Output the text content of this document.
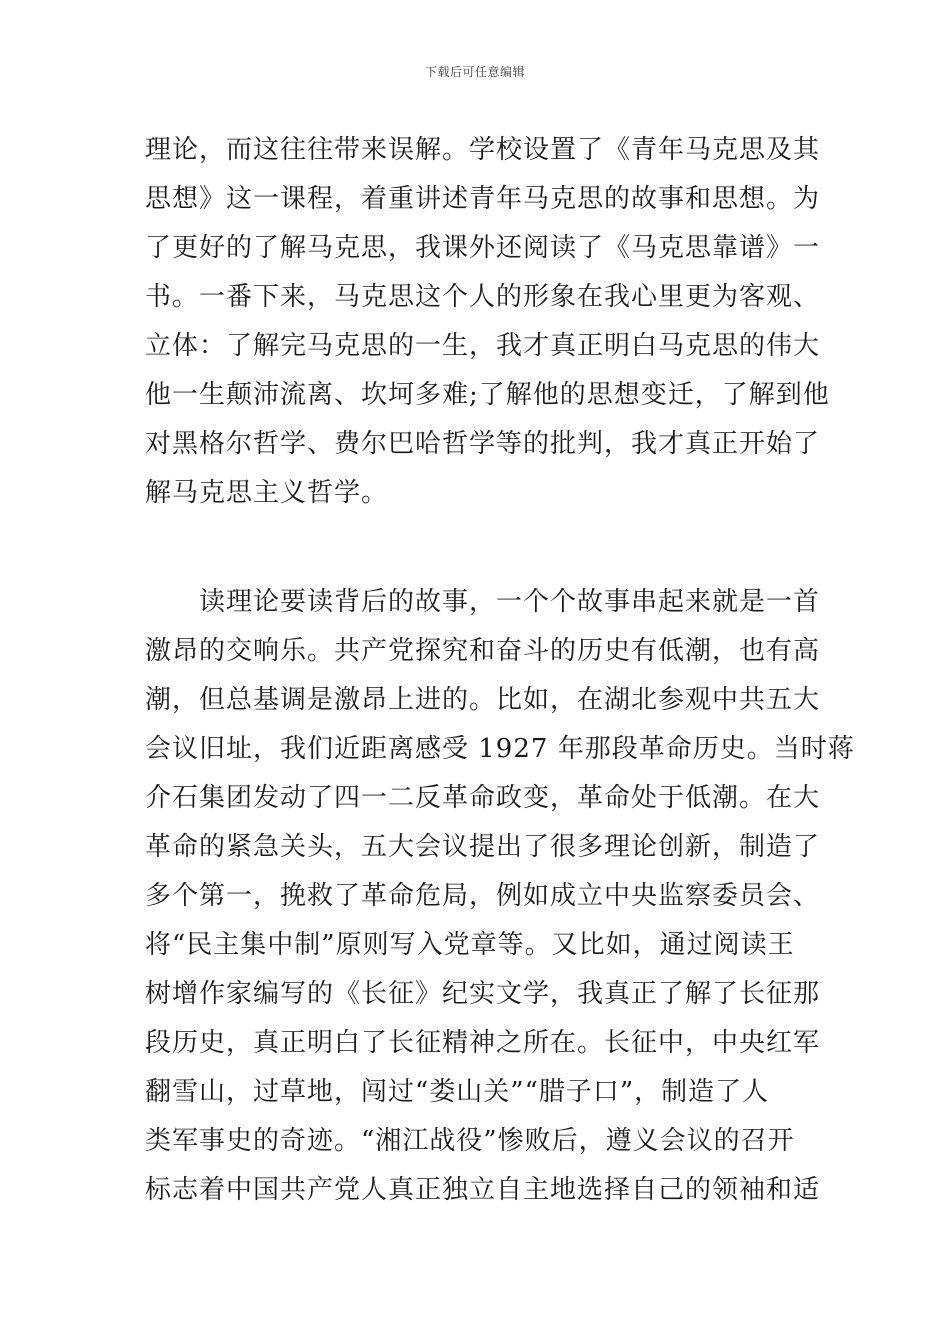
下载后可任意编辑
理论，而这往往带来误解。学校设置了《青年马克思及其
思想》这一课程，着重讲述青年马克思的故事和思想。为
了更好的了解马克思，我课外还阅读了《马克思靠谱》一
书。一番下来，马克思这个人的形象在我心里更为客观、
立体：了解完马克思的一生，我才真正明白马克思的伟大
他一生颠沛流离、坎坷多难;了解他的思想变迁，了解到他
对黑格尔哲学、费尔巴哈哲学等的批判，我才真正开始了
解马克思主义哲学。
读理论要读背后的故事，一个个故事串起来就是一首
激昂的交响乐。共产党探究和奋斗的历史有低潮，也有高
潮，但总基调是激昂上进的。比如，在湖北参观中共五大
会议旧址，我们近距离感受 1927 年那段革命历史。当时蒋
介石集团发动了四一二反革命政变，革命处于低潮。在大
革命的紧急关头，五大会议提出了很多理论创新，制造了
多个第一，挽救了革命危局，例如成立中央监察委员会、
将“民主集中制”原则写入党章等。又比如，通过阅读王
树增作家编写的《长征》纪实文学，我真正了解了长征那
段历史，真正明白了长征精神之所在。长征中，中央红军
翻雪山，过草地，闯过“娄山关”“腊子口”，制造了人
类军事史的奇迹。“湘江战役”惨败后，遵义会议的召开
标志着中国共产党人真正独立自主地选择自己的领袖和适
